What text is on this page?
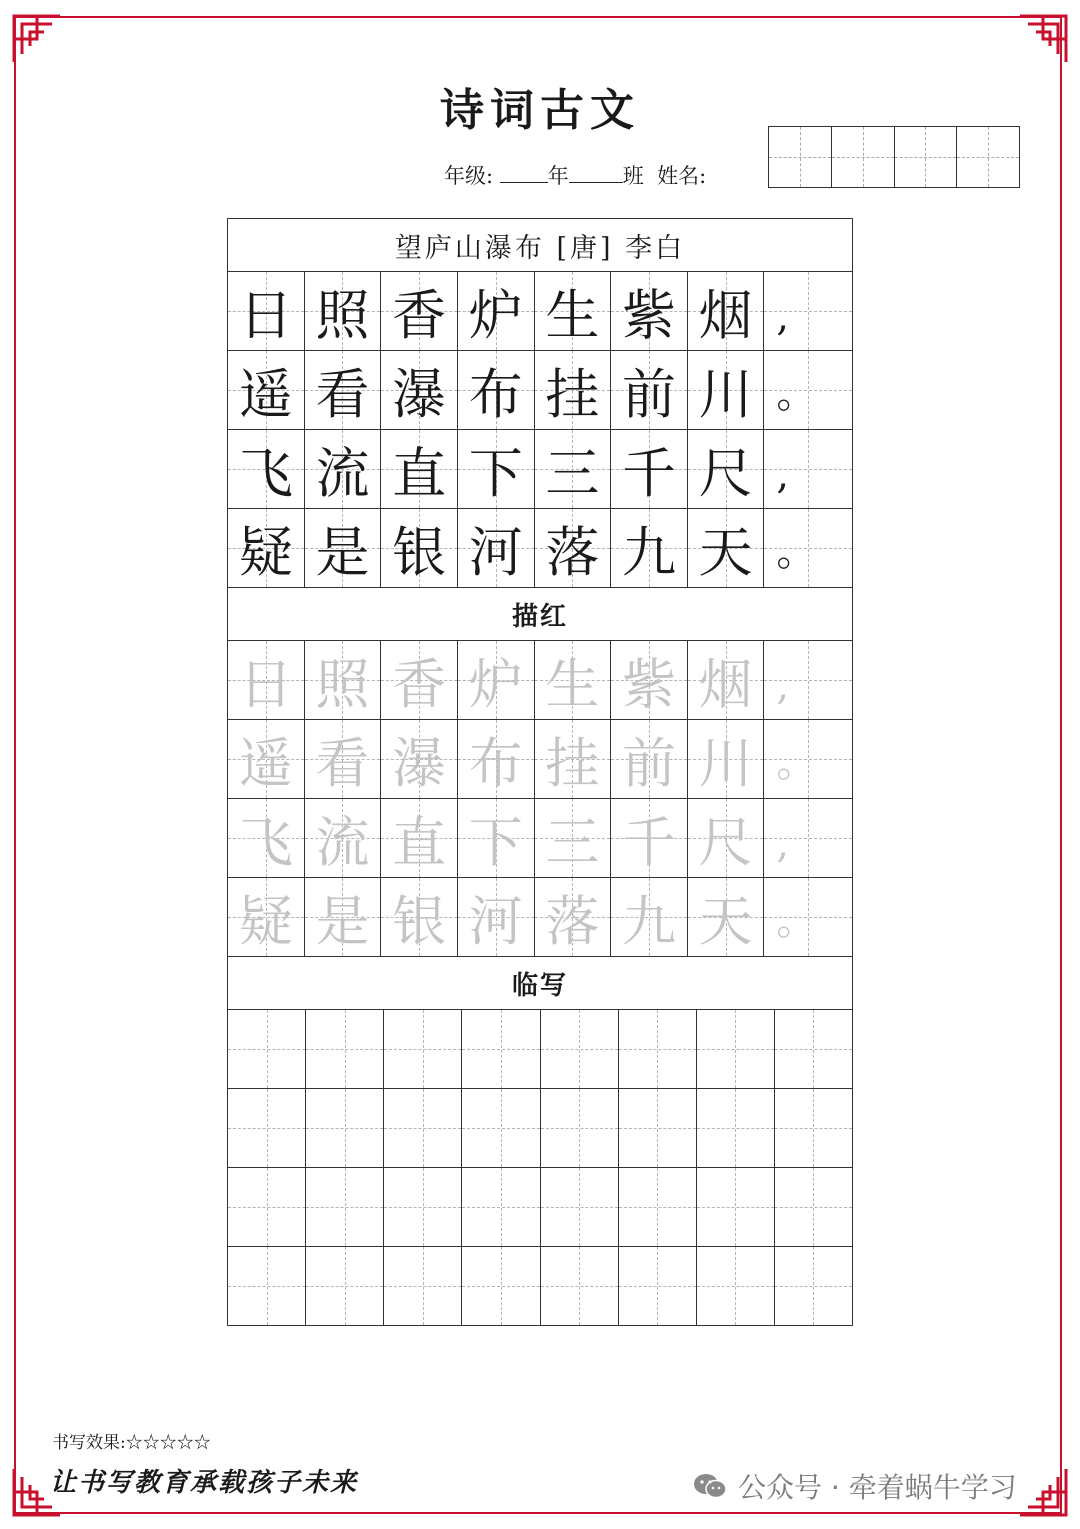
诗词古文
年级:	年	班 姓名:
望庐山瀑布 [唐] 李白
日 照 香 炉 生 紫 烟 ,
遥 看 瀑 布 挂 前 川 。
飞 流 直 下 三 千 尺 ,
疑 是 银 河 落 九 天 。
描红
日 照 香 炉 生 紫 烟 ,
遥 看 瀑 布 挂 前 川 。
飞 流 直 下 三 千 尺 ,
疑 是 银 河 落 九 天 。
临写
书写效果:☆☆☆☆☆
让书写教育承载孩子未来	公众号 · 牵着蜗牛学习
